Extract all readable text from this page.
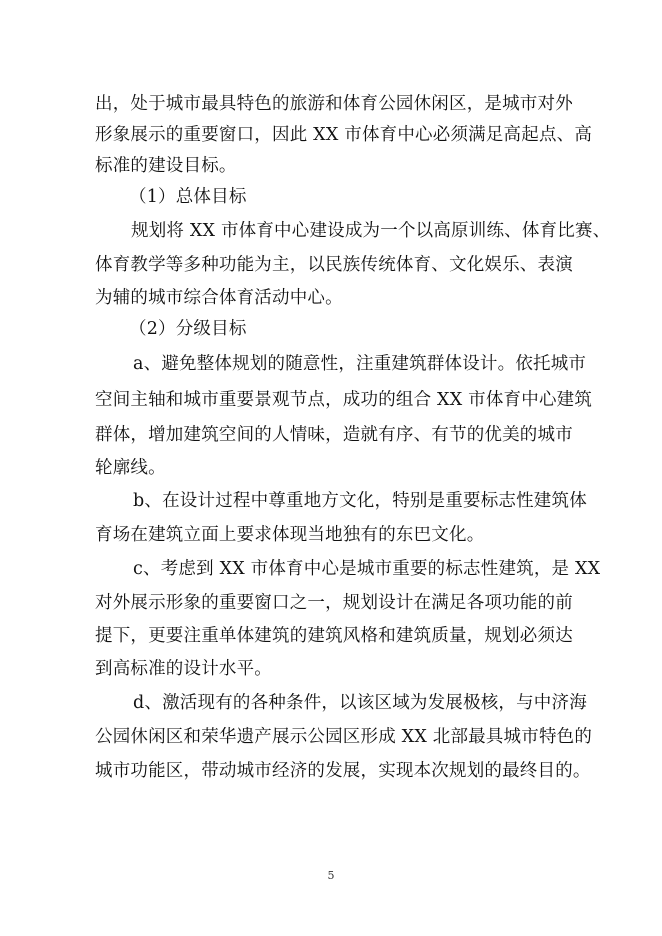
出，处于城市最具特色的旅游和体育公园休闲区，是城市对外
形象展示的重要窗口，因此 XX 市体育中心必须满足高起点、高
标准的建设目标。
（1）总体目标
规划将 XX 市体育中心建设成为一个以高原训练、体育比赛、
体育教学等多种功能为主，以民族传统体育、文化娱乐、表演
为辅的城市综合体育活动中心。
（2）分级目标
a、避免整体规划的随意性，注重建筑群体设计。依托城市
空间主轴和城市重要景观节点，成功的组合 XX 市体育中心建筑
群体，增加建筑空间的人情味，造就有序、有节的优美的城市
轮廓线。
b、在设计过程中尊重地方文化，特别是重要标志性建筑体
育场在建筑立面上要求体现当地独有的东巴文化。
c、考虑到 XX 市体育中心是城市重要的标志性建筑，是 XX
对外展示形象的重要窗口之一，规划设计在满足各项功能的前
提下，更要注重单体建筑的建筑风格和建筑质量，规划必须达
到高标准的设计水平。
d、激活现有的各种条件，以该区域为发展极核，与中济海
公园休闲区和荣华遗产展示公园区形成 XX 北部最具城市特色的
城市功能区，带动城市经济的发展，实现本次规划的最终目的。
5
